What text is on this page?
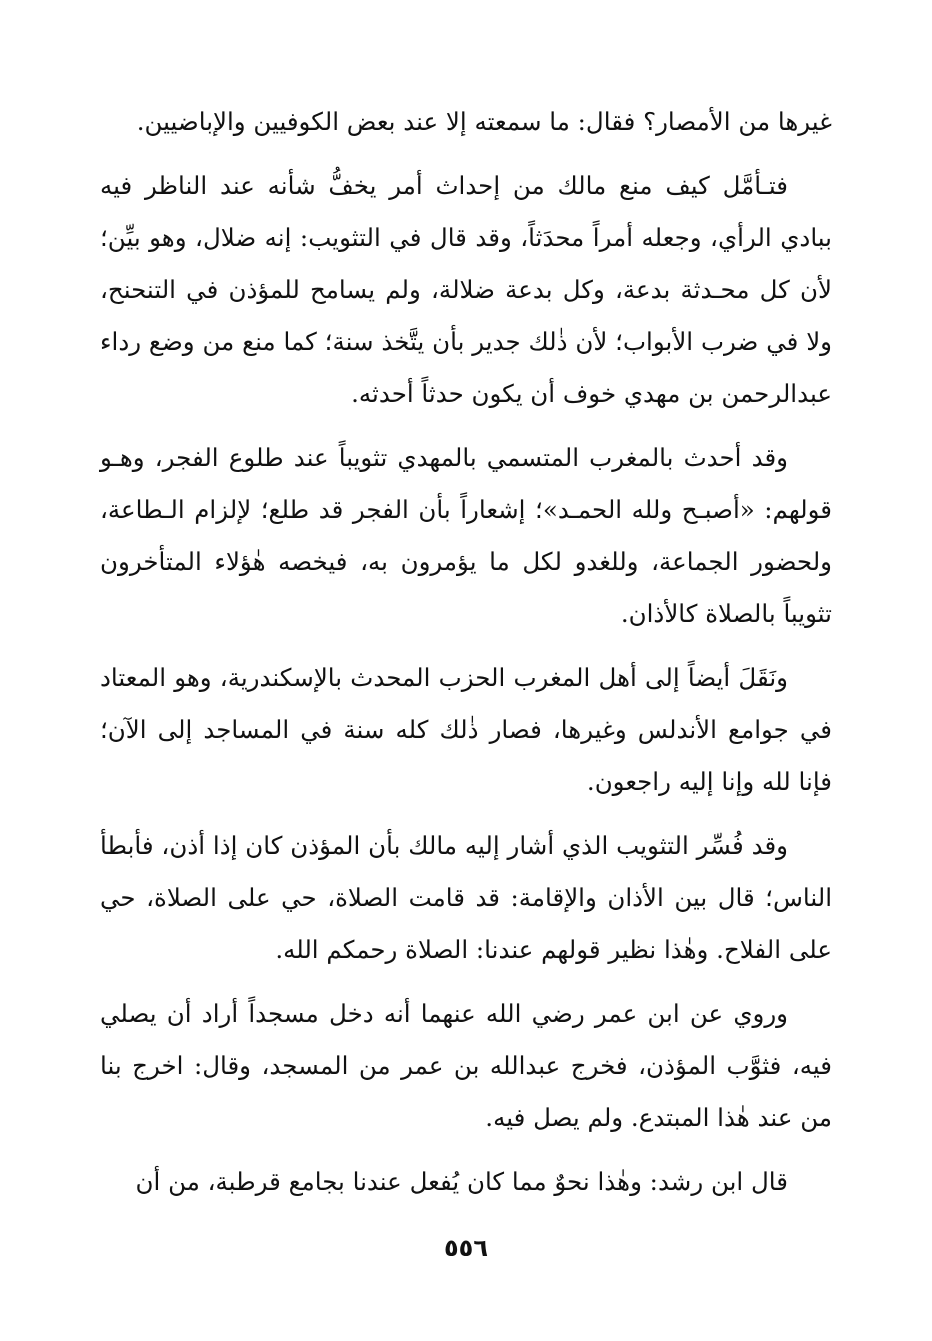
غيرها من الأمصار؟ فقال: ما سمعته إلا عند بعض الكوفيين والإباضيين.

فتـأمَّل كيف منع مالك من إحداث أمر يخفُّ شأنه عند الناظر فيه ببادي الرأي، وجعله أمراً محدَثاً، وقد قال في التثويب: إنه ضلال، وهو بيِّن؛ لأن كل محـدثة بدعة، وكل بدعة ضلالة، ولم يسامح للمؤذن في التنحنح، ولا في ضرب الأبواب؛ لأن ذٰلك جدير بأن يتَّخذ سنة؛ كما منع من وضع رداء عبدالرحمن بن مهدي خوف أن يكون حدثاً أحدثه.

وقد أحدث بالمغرب المتسمي بالمهدي تثويباً عند طلوع الفجر، وهـو قولهم: «أصبـح ولله الحمـد»؛ إشعاراً بأن الفجر قد طلع؛ لإلزام الـطاعة، ولحضور الجماعة، وللغدو لكل ما يؤمرون به، فيخصه هٰؤلاء المتأخرون تثويباً بالصلاة كالأذان.

ونَقَلَ أيضاً إلى أهل المغرب الحزب المحدث بالإسكندرية، وهو المعتاد في جوامع الأندلس وغيرها، فصار ذٰلك كله سنة في المساجد إلى الآن؛ فإنا لله وإنا إليه راجعون.

وقد فُسِّر التثويب الذي أشار إليه مالك بأن المؤذن كان إذا أذن، فأبطأ الناس؛ قال بين الأذان والإقامة: قد قامت الصلاة، حي على الصلاة، حي على الفلاح. وهٰذا نظير قولهم عندنا: الصلاة رحمكم الله.

وروي عن ابن عمر رضي الله عنهما أنه دخل مسجداً أراد أن يصلي فيه، فثوَّب المؤذن، فخرج عبدالله بن عمر من المسجد، وقال: اخرج بنا من عند هٰذا المبتدع. ولم يصل فيه.

قال ابن رشد: وهٰذا نحوٌ مما كان يُفعل عندنا بجامع قرطبة، من أن

٥٥٦
